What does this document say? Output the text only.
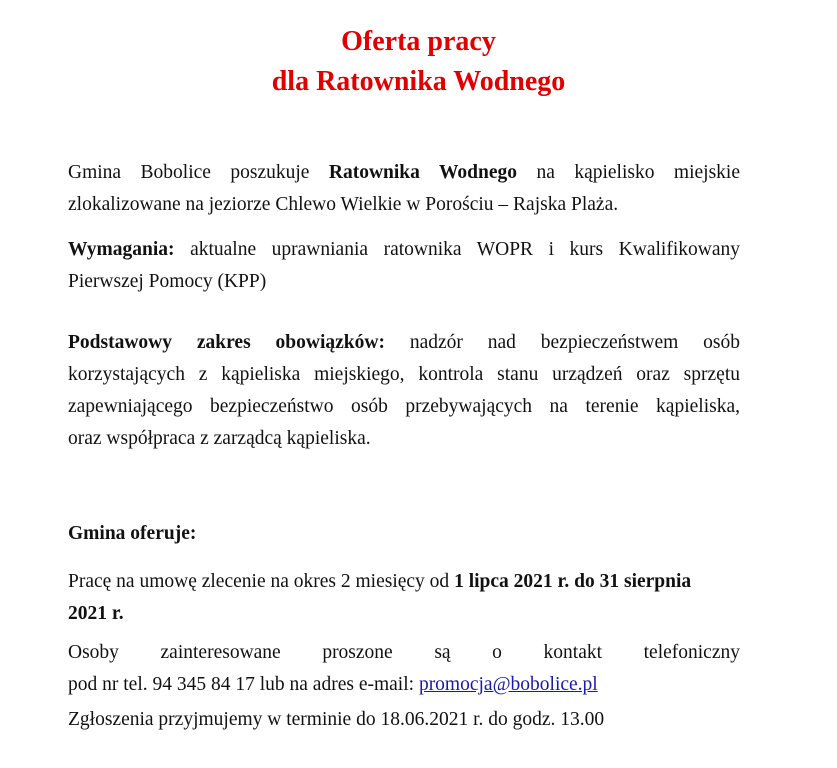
Oferta pracy
dla Ratownika Wodnego
Gmina Bobolice poszukuje Ratownika Wodnego na kąpielisko miejskie
zlokalizowane na jeziorze Chlewo Wielkie w Porościu – Rajska Plaża.
Wymagania: aktualne uprawniania ratownika WOPR i kurs Kwalifikowany
Pierwszej Pomocy (KPP)
Podstawowy zakres obowiązków: nadzór nad bezpieczeństwem osób
korzystających z kąpieliska miejskiego, kontrola stanu urządzeń oraz sprzętu
zapewniającego bezpieczeństwo osób przebywających na terenie kąpieliska,
oraz współpraca z zarządcą kąpieliska.
Gmina oferuje:
Pracę na umowę zlecenie na okres 2 miesięcy od 1 lipca 2021 r. do 31 sierpnia
2021 r.
Osoby zainteresowane proszone są o kontakt telefoniczny
pod nr tel. 94 345 84 17 lub na adres e-mail: promocja@bobolice.pl
Zgłoszenia przyjmujemy w terminie do 18.06.2021 r. do godz. 13.00
